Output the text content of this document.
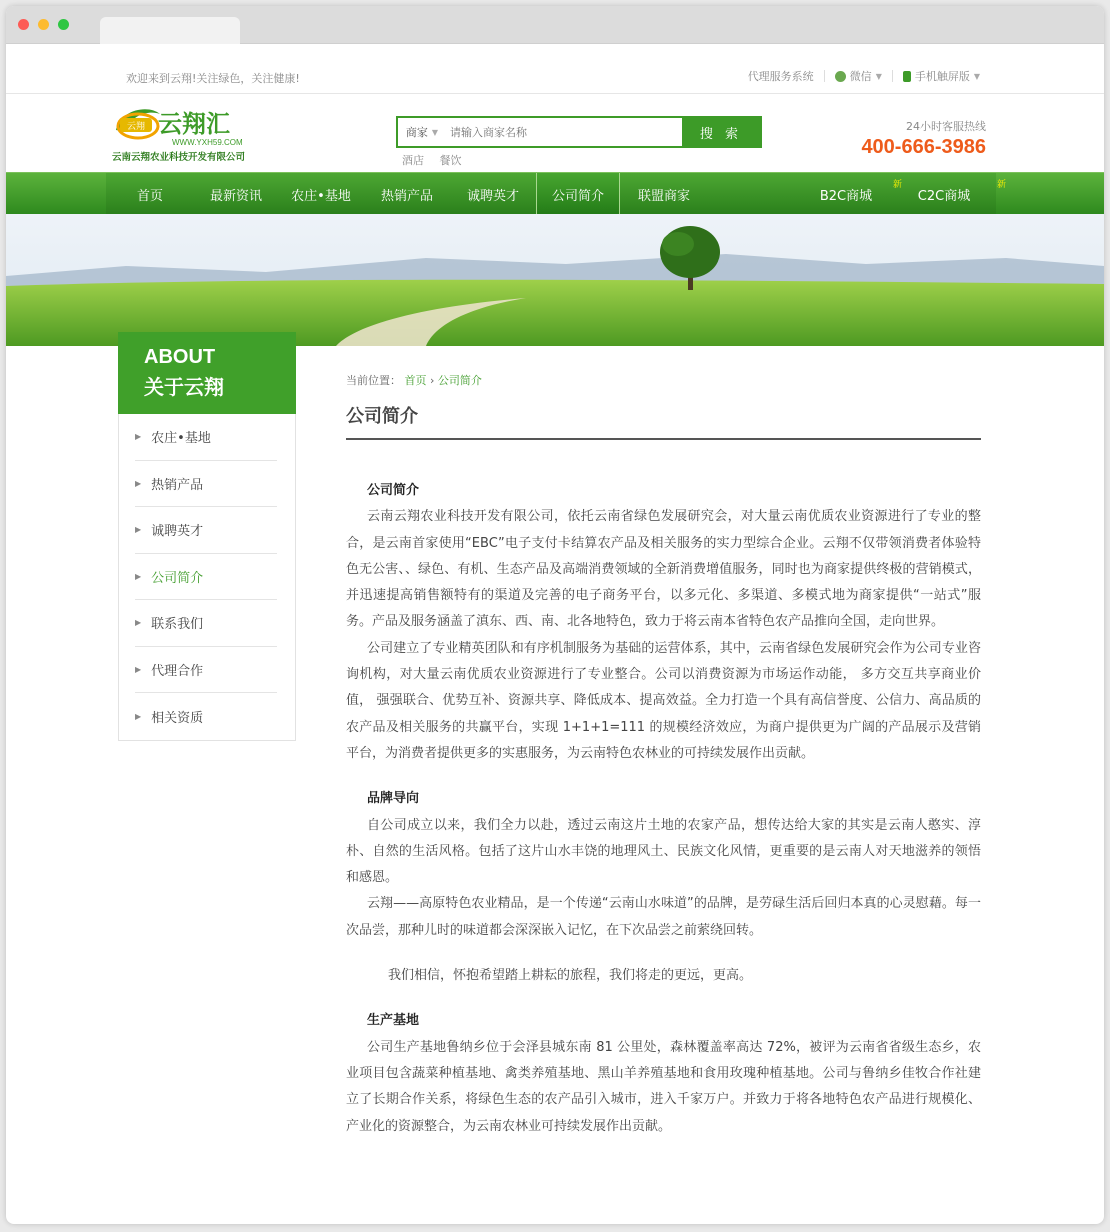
欢迎来到云翔!关注绿色，关注健康!	代理服务系统	微信 ▼	手机触屏版 ▼
云翔 云翔汇
WWW.YXH59.COM
云南云翔农业科技开发有限公司
商家 ▼
请输入商家名称	搜 索
酒店 餐饮
24小时客服热线
400-666-3986
首页	最新资讯	农庄•基地	热销产品	诚聘英才	公司简介	联盟商家	B2C商城
新
C2C商城
新
ABOUT
关于云翔
▶ 农庄•基地
▶ 热销产品
▶ 诚聘英才
▶ 公司简介
▶ 联系我们
▶ 代理合作
▶ 相关资质
当前位置： 首页 › 公司简介
公司简介
公司简介

云南云翔农业科技开发有限公司，依托云南省绿色发展研究会，对大量云南优质农业资源进行了专业的整合，是云南首家使用“EBC”电子支付卡结算农产品及相关服务的实力型综合企业。云翔不仅带领消费者体验特色无公害、、绿色、有机、生态产品及高端消费领域的全新消费增值服务，同时也为商家提供终极的营销模式，并迅速提高销售额特有的渠道及完善的电子商务平台，以多元化、多渠道、多模式地为商家提供“一站式”服务。产品及服务涵盖了滇东、西、南、北各地特色，致力于将云南本省特色农产品推向全国，走向世界。

公司建立了专业精英团队和有序机制服务为基础的运营体系，其中，云南省绿色发展研究会作为公司专业咨询机构，对大量云南优质农业资源进行了专业整合。公司以消费资源为市场运作动能， 多方交互共享商业价值， 强强联合、优势互补、资源共享、降低成本、提高效益。全力打造一个具有高信誉度、公信力、高品质的农产品及相关服务的共赢平台，实现 1+1+1=111 的规模经济效应，为商户提供更为广阔的产品展示及营销平台，为消费者提供更多的实惠服务，为云南特色农林业的可持续发展作出贡献。

品牌导向

自公司成立以来，我们全力以赴，透过云南这片土地的农家产品，想传达给大家的其实是云南人憨实、淳朴、自然的生活风格。包括了这片山水丰饶的地理风土、民族文化风情，更重要的是云南人对天地滋养的领悟和感恩。

云翔——高原特色农业精品，是一个传递“云南山水味道”的品牌，是劳碌生活后回归本真的心灵慰藉。每一次品尝，那种儿时的味道都会深深嵌入记忆，在下次品尝之前萦绕回转。

我们相信，怀抱希望踏上耕耘的旅程，我们将走的更远，更高。
生产基地

公司生产基地鲁纳乡位于会泽县城东南 81 公里处，森林覆盖率高达 72%，被评为云南省省级生态乡，农业项目包含蔬菜种植基地、禽类养殖基地、黑山羊养殖基地和食用玫瑰种植基地。公司与鲁纳乡佳牧合作社建立了长期合作关系，将绿色生态的农产品引入城市，进入千家万户。并致力于将各地特色农产品进行规模化、产业化的资源整合，为云南农林业可持续发展作出贡献。
